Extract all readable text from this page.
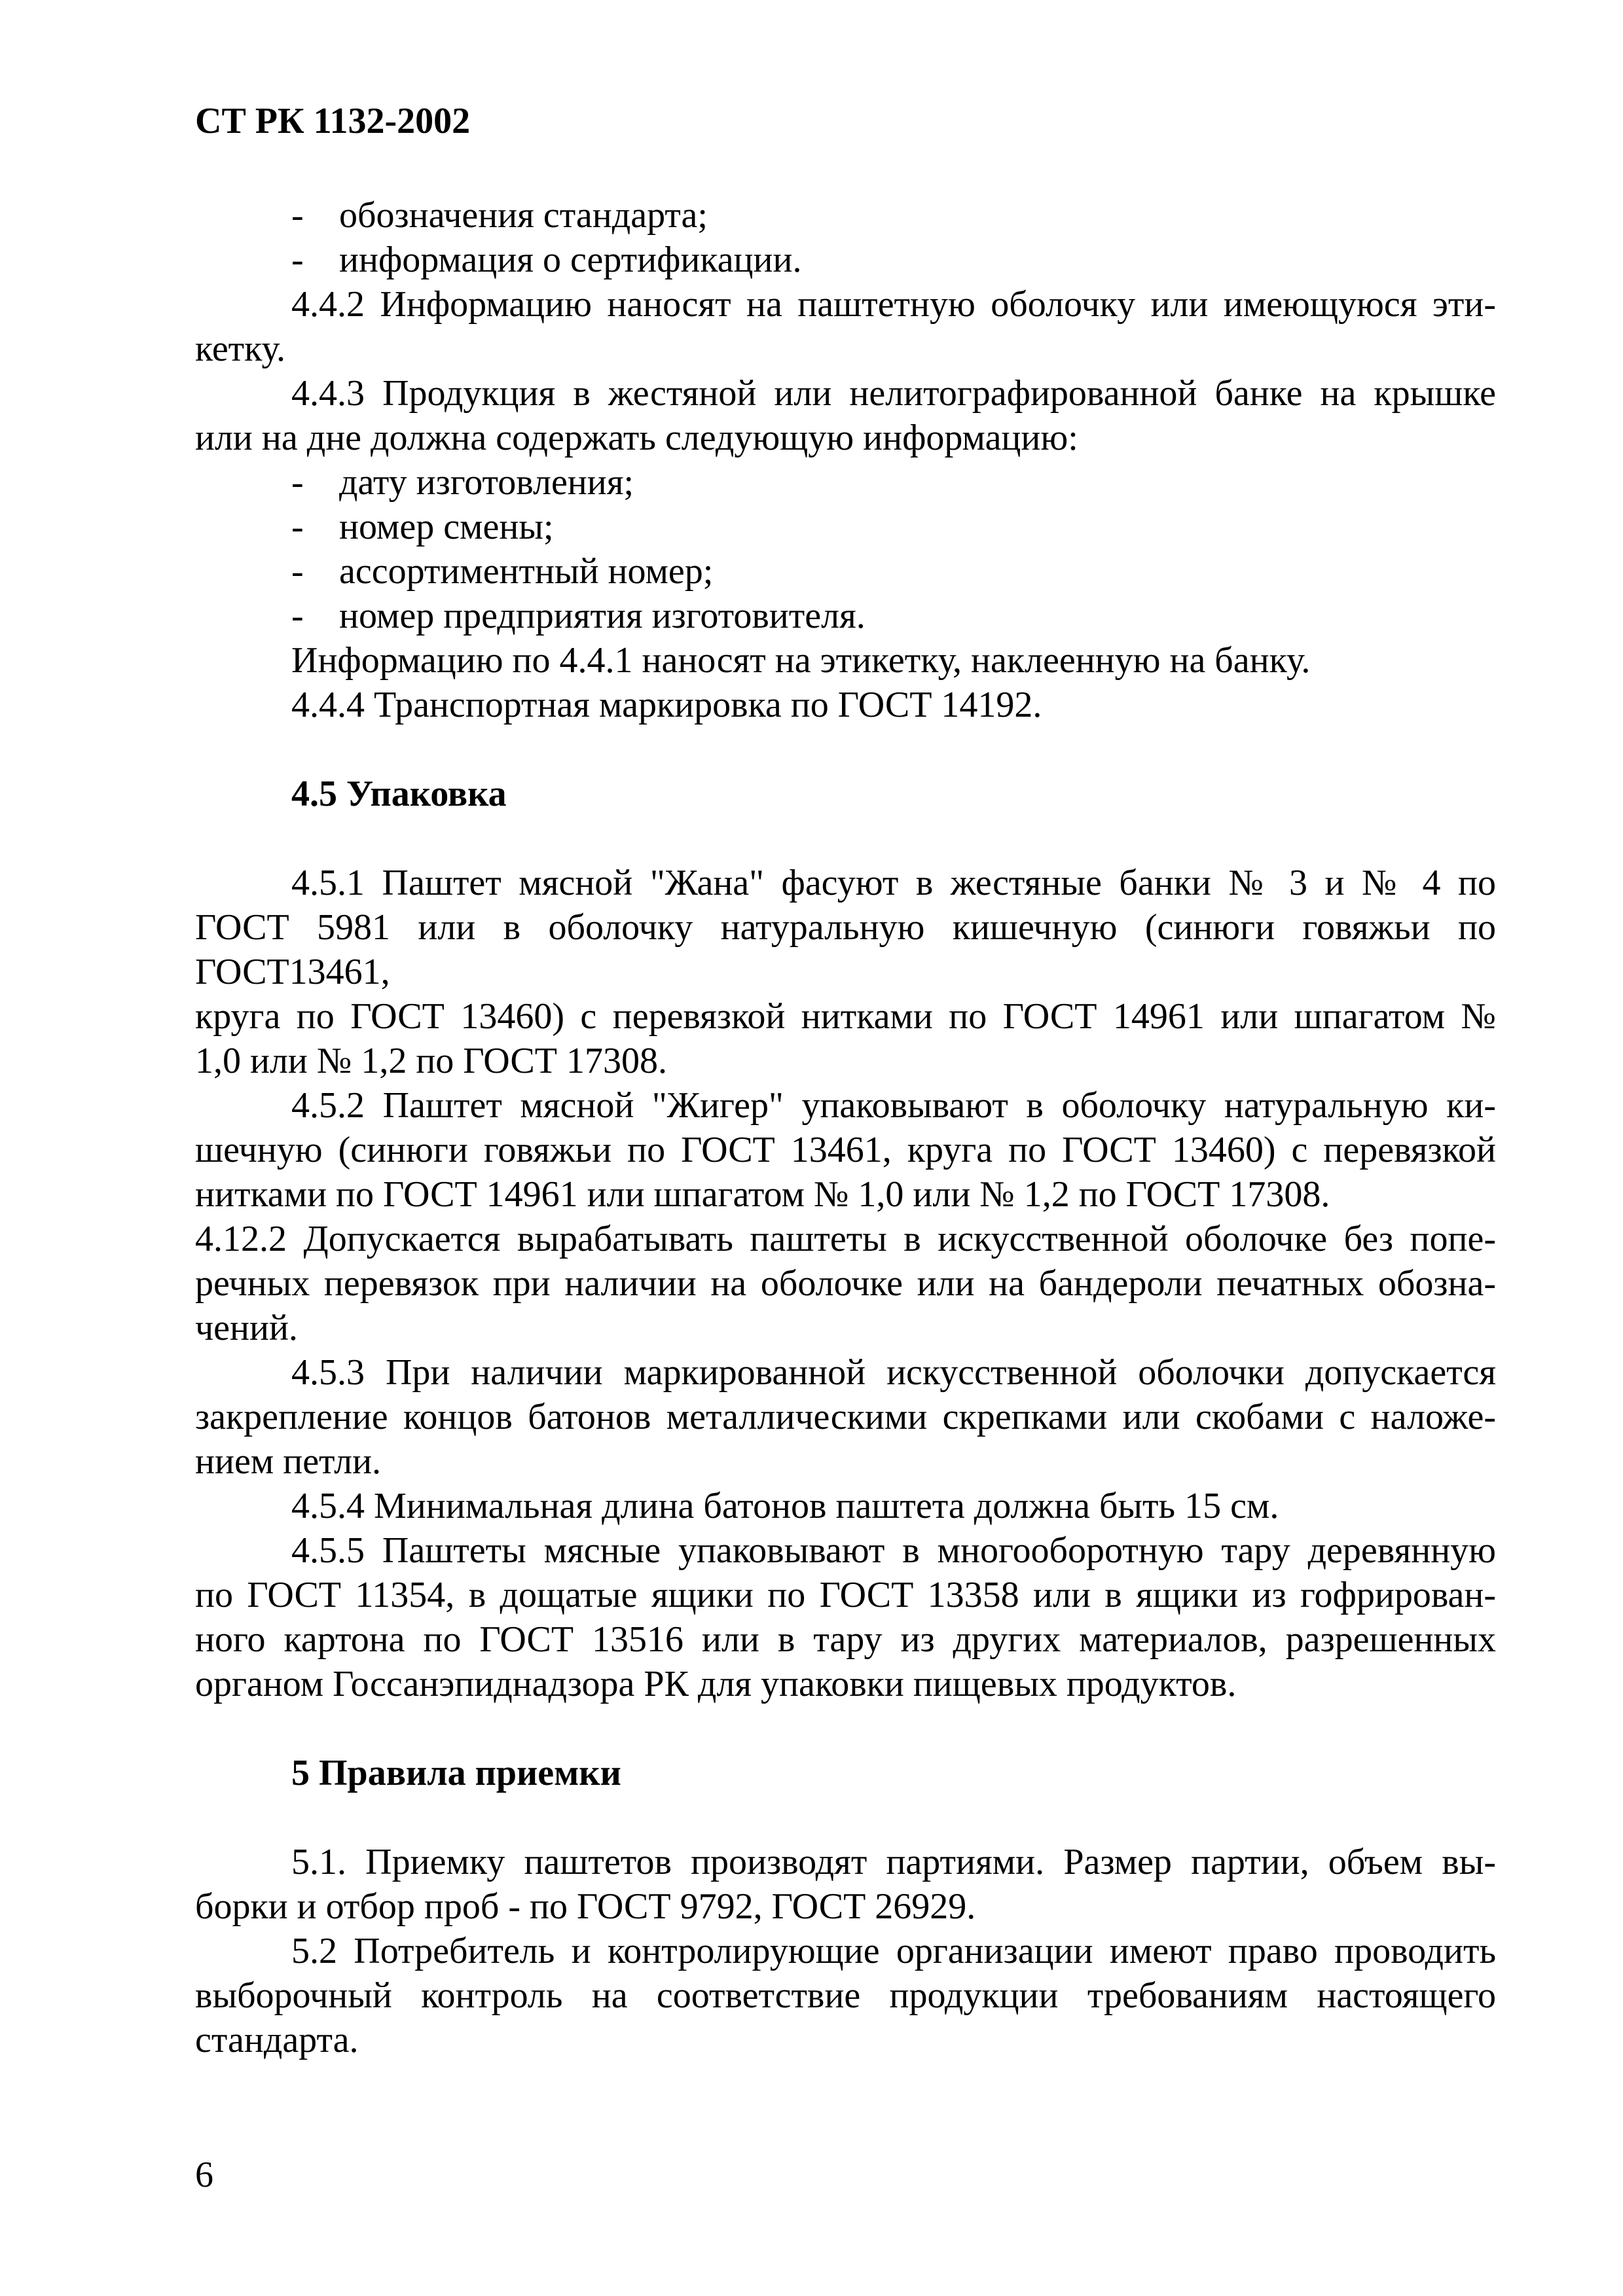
СТ РК 1132-2002
- обозначения стандарта;
- информация о сертификации.
4.4.2 Информацию наносят на паштетную оболочку или имеющуюся эти-
кетку.
4.4.3 Продукция в жестяной или нелитографированной банке на крышке
или на дне должна содержать следующую информацию:
- дату изготовления;
- номер смены;
- ассортиментный номер;
- номер предприятия изготовителя.
Информацию по 4.4.1 наносят на этикетку, наклеенную на банку.
4.4.4 Транспортная маркировка по ГОСТ 14192.
4.5 Упаковка
4.5.1 Паштет мясной "Жана" фасуют в жестяные банки № 3 и № 4 по
ГОСТ 5981 или в оболочку натуральную кишечную (синюги говяжьи по
ГОСТ13461,
круга по ГОСТ 13460) с перевязкой нитками по ГОСТ 14961 или шпагатом №
1,0 или № 1,2 по ГОСТ 17308.
4.5.2 Паштет мясной "Жигер" упаковывают в оболочку натуральную ки-
шечную (синюги говяжьи по ГОСТ 13461, круга по ГОСТ 13460) с перевязкой
нитками по ГОСТ 14961 или шпагатом № 1,0 или № 1,2 по ГОСТ 17308.
4.12.2 Допускается вырабатывать паштеты в искусственной оболочке без попе-
речных перевязок при наличии на оболочке или на бандероли печатных обозна-
чений.
4.5.3 При наличии маркированной искусственной оболочки допускается
закрепление концов батонов металлическими скрепками или скобами с наложе-
нием петли.
4.5.4 Минимальная длина батонов паштета должна быть 15 см.
4.5.5 Паштеты мясные упаковывают в многооборотную тару деревянную
по ГОСТ 11354, в дощатые ящики по ГОСТ 13358 или в ящики из гофрирован-
ного картона по ГОСТ 13516 или в тару из других материалов, разрешенных
органом Госсанэпиднадзора РК для упаковки пищевых продуктов.
5 Правила приемки
5.1. Приемку паштетов производят партиями. Размер партии, объем вы-
борки и отбор проб - по ГОСТ 9792, ГОСТ 26929.
5.2 Потребитель и контролирующие организации имеют право проводить
выборочный контроль на соответствие продукции требованиям настоящего
стандарта.
6
